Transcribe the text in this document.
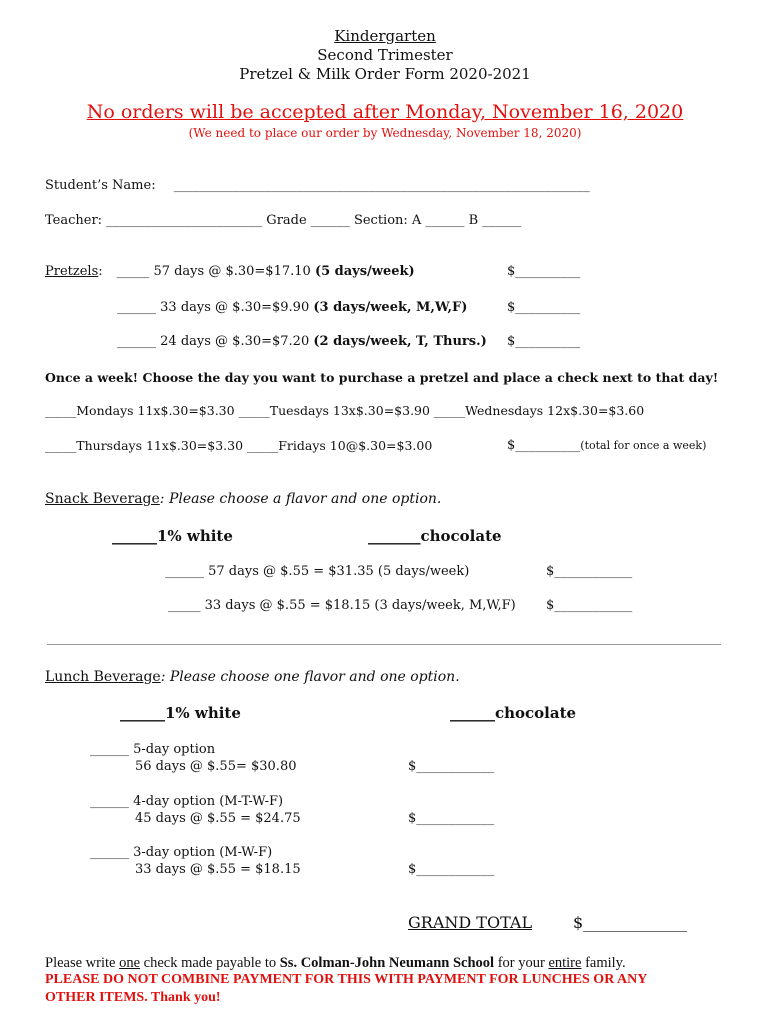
Kindergarten
Second Trimester
Pretzel & Milk Order Form 2020-2021
No orders will be accepted after Monday, November 16, 2020
(We need to place our order by Wednesday, November 18, 2020)
Student’s Name: ________________________________________________________________
Teacher: ________________________ Grade ______ Section: A ______ B ______
Pretzels: _____ 57 days @ $.30=$17.10 (5 days/week)	$__________
______ 33 days @ $.30=$9.90 (3 days/week, M,W,F)	$__________
______ 24 days @ $.30=$7.20 (2 days/week, T, Thurs.) $__________
Once a week! Choose the day you want to purchase a pretzel and place a check next to that day!
_____Mondays 11x$.30=$3.30 _____Tuesdays 13x$.30=$3.90 _____Wednesdays 12x$.30=$3.60
_____Thursdays 11x$.30=$3.30 _____Fridays 10@$.30=$3.00	$__________(total for once a week)
Snack Beverage: Please choose a flavor and one option.
______1% white	_______chocolate
______ 57 days @ $.55 = $31.35 (5 days/week)	$____________
_____ 33 days @ $.55 = $18.15 (3 days/week, M,W,F) $____________
Lunch Beverage: Please choose one flavor and one option.
______1% white	______chocolate
______ 5-day option
56 days @ $.55= $30.80	$____________
______ 4-day option (M-T-W-F)
45 days @ $.55 = $24.75	$____________
______ 3-day option (M-W-F)
33 days @ $.55 = $18.15	$____________
GRAND TOTAL	$_____________
Please write one check made payable to Ss. Colman-John Neumann School for your entire family.
PLEASE DO NOT COMBINE PAYMENT FOR THIS WITH PAYMENT FOR LUNCHES OR ANY
OTHER ITEMS. Thank you!
